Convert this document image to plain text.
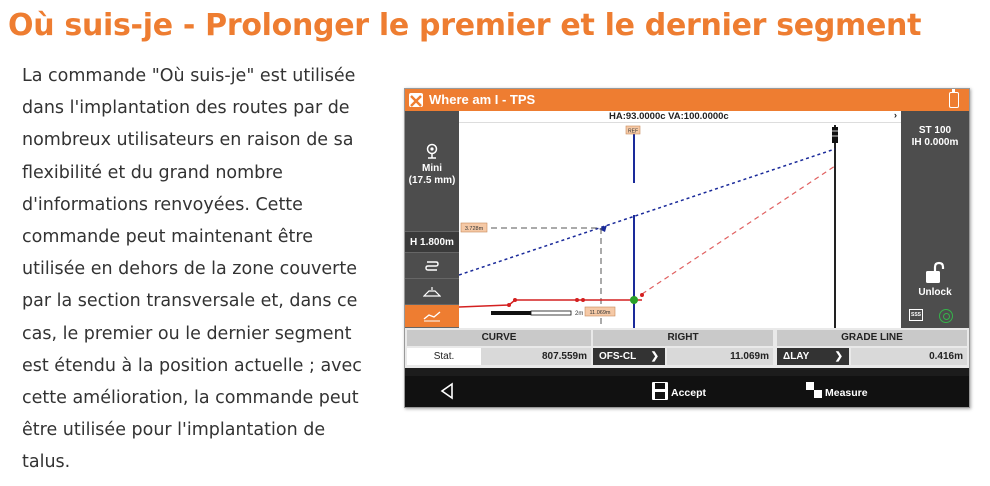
Où suis-je - Prolonger le premier et le dernier segment
La commande "Où suis-je" est utilisée
dans l'implantation des routes par de
nombreux utilisateurs en raison de sa
flexibilité et du grand nombre
d'informations renvoyées. Cette
commande peut maintenant être
utilisée en dehors de la zone couverte
par la section transversale et, dans ce
cas, le premier ou le dernier segment
est étendu à la position actuelle ; avec
cette amélioration, la commande peut
être utilisée pour l'implantation de
talus.
Where am I - TPS
Mini
(17.5 mm)
H 1.800m
HA:93.0000c VA:100.0000c	›
REF
3.728m
11.069m
2m
ST 100
IH 0.000m
Unlock
SSS
CURVE	RIGHT	GRADE LINE
Stat.	807.559m	OFS-CL ❯	11.069m	ΔLAY	❯	0.416m
Accept	Measure
